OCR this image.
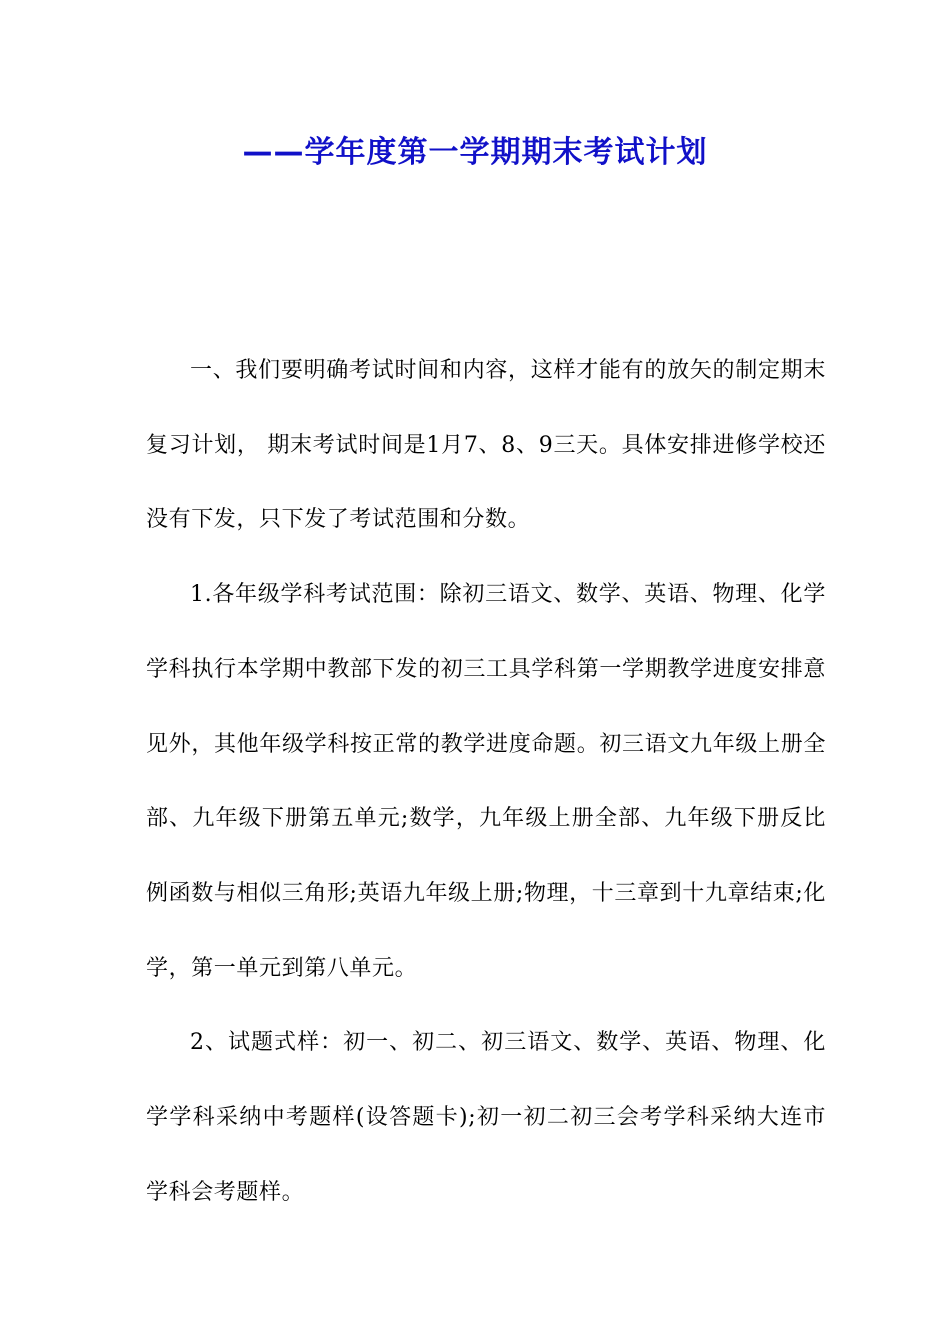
——学年度第一学期期末考试计划

一、我们要明确考试时间和内容，这样才能有的放矢的制定期末复习计划， 期末考试时间是1月7、8、9三天。具体安排进修学校还没有下发，只下发了考试范围和分数。

1.各年级学科考试范围：除初三语文、数学、英语、物理、化学学科执行本学期中教部下发的初三工具学科第一学期教学进度安排意见外，其他年级学科按正常的教学进度命题。初三语文九年级上册全部、九年级下册第五单元;数学，九年级上册全部、九年级下册反比例函数与相似三角形;英语九年级上册;物理，十三章到十九章结束;化学，第一单元到第八单元。

2、试题式样：初一、初二、初三语文、数学、英语、物理、化学学科采纳中考题样(设答题卡);初一初二初三会考学科采纳大连市学科会考题样。
